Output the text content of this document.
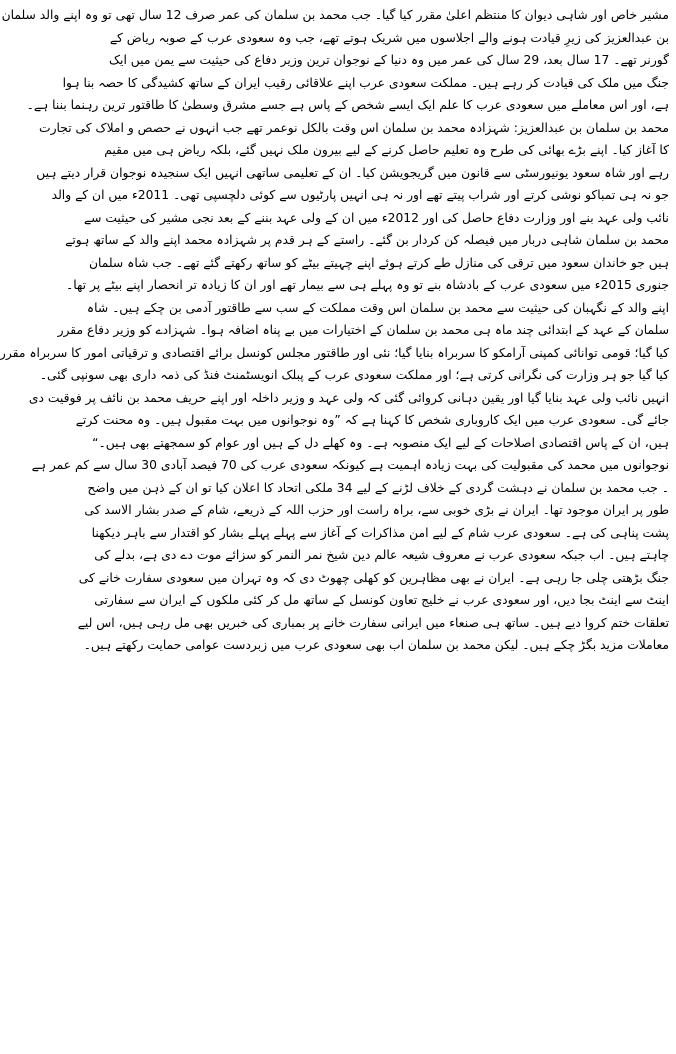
مشیر خاص اور شاہی دیوان کا منتظم اعلیٰ مقرر کیا گیا۔ جب محمد بن سلمان کی عمر صرف 12 سال تھی تو وہ اپنے والد سلمان
بن عبدالعزیز کی زیرِ قیادت ہونے والے اجلاسوں میں شریک ہوتے تھے، جب وہ سعودی عرب کے صوبہ ریاض کے
گورنر تھے۔ 17 سال بعد، 29 سال کی عمر میں وہ دنیا کے نوجوان ترین وزیر دفاع کی حیثیت سے یمن میں ایک
جنگ میں ملک کی قیادت کر رہے ہیں۔ مملکت سعودی عرب اپنے علاقائی رقیب ایران کے ساتھ کشیدگی کا حصہ بنا ہوا
ہے، اور اس معاملے میں سعودی عرب کا علم ایک ایسے شخص کے پاس ہے جسے مشرق وسطیٰ کا طاقتور ترین رہنما بننا ہے۔
محمد بن سلمان بن عبدالعزیز: شہزادہ محمد بن سلمان اس وقت بالکل نوعمر تھے جب انہوں نے حصص و املاک کی تجارت
کا آغاز کیا۔ اپنے بڑے بھائی کی طرح وہ تعلیم حاصل کرنے کے لیے بیرون ملک نہیں گئے، بلکہ ریاض ہی میں مقیم
رہے اور شاہ سعود یونیورسٹی سے قانون میں گریجویشن کیا۔ ان کے تعلیمی ساتھی انہیں ایک سنجیدہ نوجوان قرار دیتے ہیں
جو نہ ہی تمباکو نوشی کرتے اور شراب پیتے تھے اور نہ ہی انہیں پارٹیوں سے کوئی دلچسپی تھی۔ 2011ء میں ان کے والد
نائب ولی عہد بنے اور وزارت دفاع حاصل کی اور 2012ء میں ان کے ولی عہد بننے کے بعد نجی مشیر کی حیثیت سے
محمد بن سلمان شاہی دربار میں فیصلہ کن کردار بن گئے۔ راستے کے ہر قدم پر شہزادہ محمد اپنے والد کے ساتھ ہوتے
ہیں جو خاندان سعود میں ترقی کی منازل طے کرتے ہوئے اپنے چہیتے بیٹے کو ساتھ رکھتے گئے تھے۔ جب شاہ سلمان
جنوری 2015ء میں سعودی عرب کے بادشاہ بنے تو وہ پہلے ہی سے بیمار تھے اور ان کا زیادہ تر انحصار اپنے بیٹے پر تھا۔
اپنے والد کے نگہبان کی حیثیت سے محمد بن سلمان اس وقت مملکت کے سب سے طاقتور آدمی بن چکے ہیں۔ شاہ
سلمان کے عہد کے ابتدائی چند ماہ ہی محمد بن سلمان کے اختیارات میں بے پناہ اضافہ ہوا۔ شہزادے کو وزیر دفاع مقرر
کیا گیا؛ قومی توانائی کمپنی آرامکو کا سربراہ بنایا گیا؛ نئی اور طاقتور مجلس کونسل برائے اقتصادی و ترقیاتی امور کا سربراہ مقرر
کیا گیا جو ہر وزارت کی نگرانی کرتی ہے؛ اور مملکت سعودی عرب کے پبلک انویسٹمنٹ فنڈ کی ذمہ داری بھی سونپی گئی۔
انہیں نائب ولی عہد بنایا گیا اور یقین دہانی کروائی گئی کہ ولی عہد و وزیر داخلہ اور اپنے حریف محمد بن نائف پر فوقیت دی
جائے گی۔ سعودی عرب میں ایک کاروباری شخص کا کہنا ہے کہ ”وہ نوجوانوں میں بہت مقبول ہیں۔ وہ محنت کرتے
ہیں، ان کے پاس اقتصادی اصلاحات کے لیے ایک منصوبہ ہے۔ وہ کھلے دل کے ہیں اور عوام کو سمجھتے بھی ہیں۔“
نوجوانوں میں محمد کی مقبولیت کی بہت زیادہ اہمیت ہے کیونکہ سعودی عرب کی 70 فیصد آبادی 30 سال سے کم عمر ہے
۔ جب محمد بن سلمان نے دہشت گردی کے خلاف لڑنے کے لیے 34 ملکی اتحاد کا اعلان کیا تو ان کے ذہن میں واضح
طور پر ایران موجود تھا۔ ایران نے بڑی خوبی سے، براہ راست اور حزب اللہ کے ذریعے، شام کے صدر بشار الاسد کی
پشت پناہی کی ہے۔ سعودی عرب شام کے لیے امن مذاکرات کے آغاز سے پہلے پہلے بشار کو اقتدار سے باہر دیکھنا
چاہتے ہیں۔ اب جبکہ سعودی عرب نے معروف شیعہ عالم دین شیخ نمر النمر کو سزائے موت دے دی ہے، بدلے کی
جنگ بڑھتی چلی جا رہی ہے۔ ایران نے بھی مظاہرین کو کھلی چھوٹ دی کہ وہ تہران میں سعودی سفارت خانے کی
اینٹ سے اینٹ بجا دیں، اور سعودی عرب نے خلیج تعاون کونسل کے ساتھ مل کر کئی ملکوں کے ایران سے سفارتی
تعلقات ختم کروا دیے ہیں۔ ساتھ ہی صنعاء میں ایرانی سفارت خانے پر بمباری کی خبریں بھی مل رہی ہیں، اس لیے
معاملات مزید بگڑ چکے ہیں۔ لیکن محمد بن سلمان اب بھی سعودی عرب میں زبردست عوامی حمایت رکھتے ہیں۔
